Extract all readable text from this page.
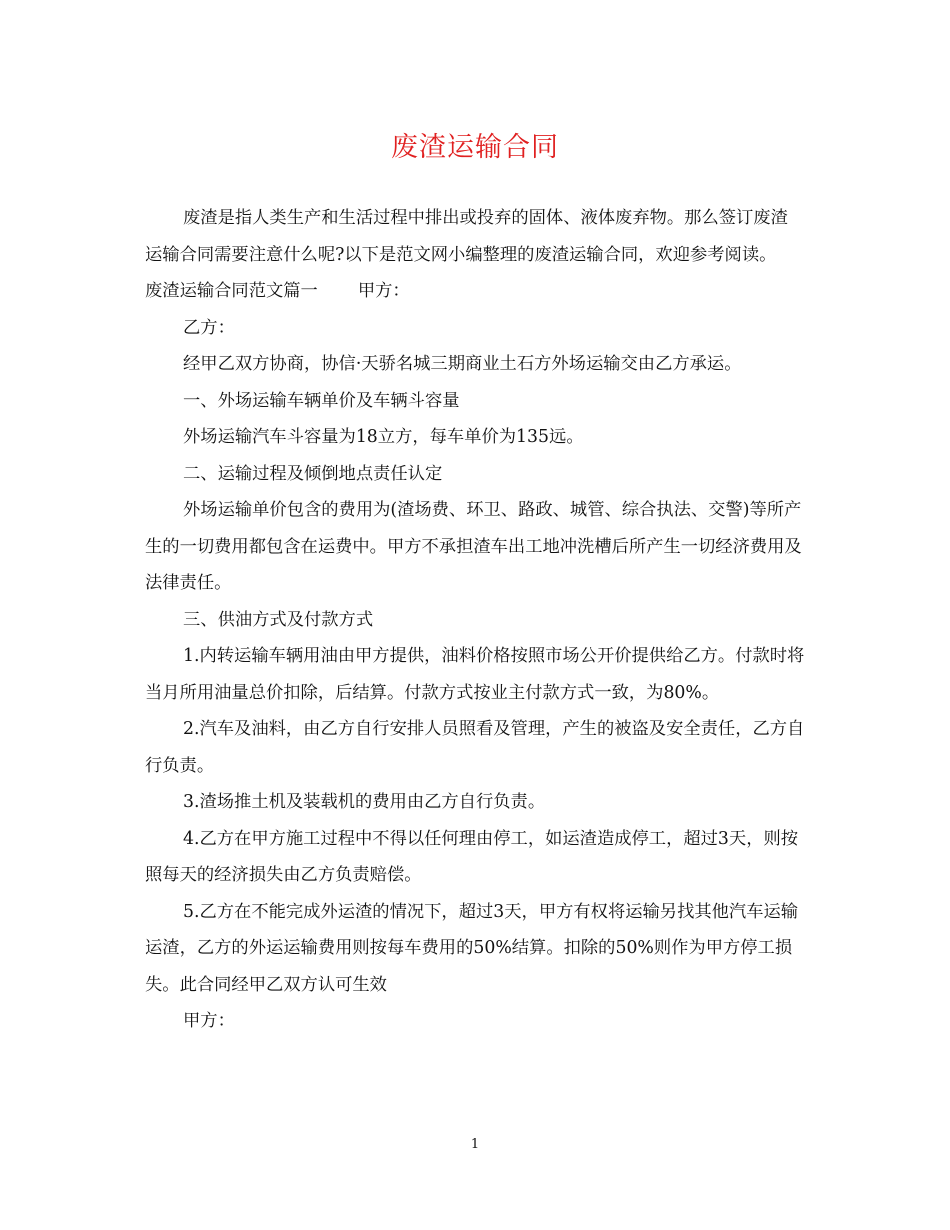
废渣运输合同

废渣是指人类生产和生活过程中排出或投弃的固体、液体废弃物。那么签订废渣运输合同需要注意什么呢?以下是范文网小编整理的废渣运输合同，欢迎参考阅读。

废渣运输合同范文篇一 甲方：

乙方：

经甲乙双方协商，协信·天骄名城三期商业土石方外场运输交由乙方承运。

一、外场运输车辆单价及车辆斗容量

外场运输汽车斗容量为18立方，每车单价为135远。

二、运输过程及倾倒地点责任认定

外场运输单价包含的费用为(渣场费、环卫、路政、城管、综合执法、交警)等所产生的一切费用都包含在运费中。甲方不承担渣车出工地冲洗槽后所产生一切经济费用及法律责任。

三、供油方式及付款方式

1.内转运输车辆用油由甲方提供，油料价格按照市场公开价提供给乙方。付款时将当月所用油量总价扣除，后结算。付款方式按业主付款方式一致，为80%。

2.汽车及油料，由乙方自行安排人员照看及管理，产生的被盗及安全责任，乙方自行负责。

3.渣场推土机及装载机的费用由乙方自行负责。

4.乙方在甲方施工过程中不得以任何理由停工，如运渣造成停工，超过3天，则按照每天的经济损失由乙方负责赔偿。

5.乙方在不能完成外运渣的情况下，超过3天，甲方有权将运输另找其他汽车运输运渣，乙方的外运运输费用则按每车费用的50%结算。扣除的50%则作为甲方停工损失。此合同经甲乙双方认可生效

甲方：

1
